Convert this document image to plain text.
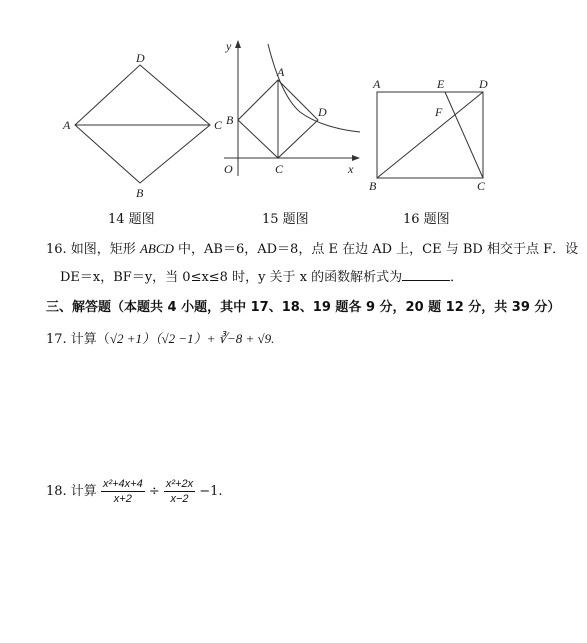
D
A	C
B
y
A
B
D
O	C	x
A	E	D
F
B	C
14 题图	15 题图	16 题图
16. 如图，矩形 ABCD 中，AB＝6，AD＝8，点 E 在边 AD 上，CE 与 BD 相交于点 F．设
DE＝x，BF＝y，当 0≤x≤8 时，y 关于 x 的函数解析式为	．
三、解答题（本题共 4 小题，其中 17、18、19 题各 9 分，20 题 12 分，共 39 分）
17. 计算（√2 +1）（√2 −1）+ ∛−8 + √9.
18. 计算 $\frac{\text{x²+4x+4}}{x+2} \div \frac{\text{x²+2x}}{x-2} -1$.
